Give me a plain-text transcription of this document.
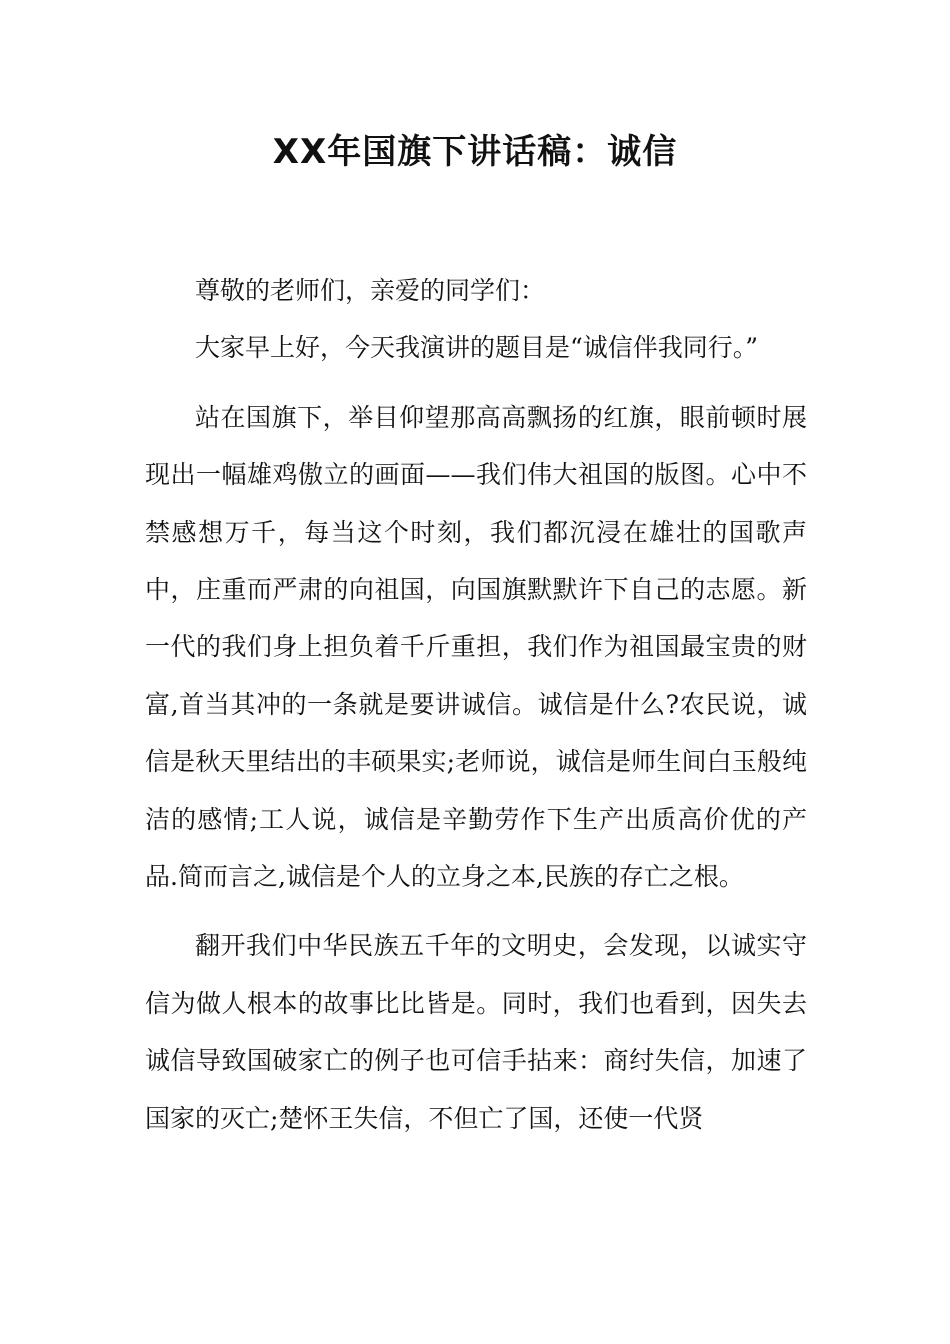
XX年国旗下讲话稿：诚信

尊敬的老师们，亲爱的同学们：

大家早上好，今天我演讲的题目是“诚信伴我同行。”

站在国旗下，举目仰望那高高飘扬的红旗，眼前顿时展现出一幅雄鸡傲立的画面——我们伟大祖国的版图。心中不禁感想万千，每当这个时刻，我们都沉浸在雄壮的国歌声中，庄重而严肃的向祖国，向国旗默默许下自己的志愿。新一代的我们身上担负着千斤重担，我们作为祖国最宝贵的财富,首当其冲的一条就是要讲诚信。诚信是什么?农民说，诚信是秋天里结出的丰硕果实;老师说，诚信是师生间白玉般纯洁的感情;工人说，诚信是辛勤劳作下生产出质高价优的产品.简而言之,诚信是个人的立身之本,民族的存亡之根。

翻开我们中华民族五千年的文明史，会发现，以诚实守信为做人根本的故事比比皆是。同时，我们也看到，因失去诚信导致国破家亡的例子也可信手拈来：商纣失信，加速了国家的灭亡;楚怀王失信，不但亡了国，还使一代贤
